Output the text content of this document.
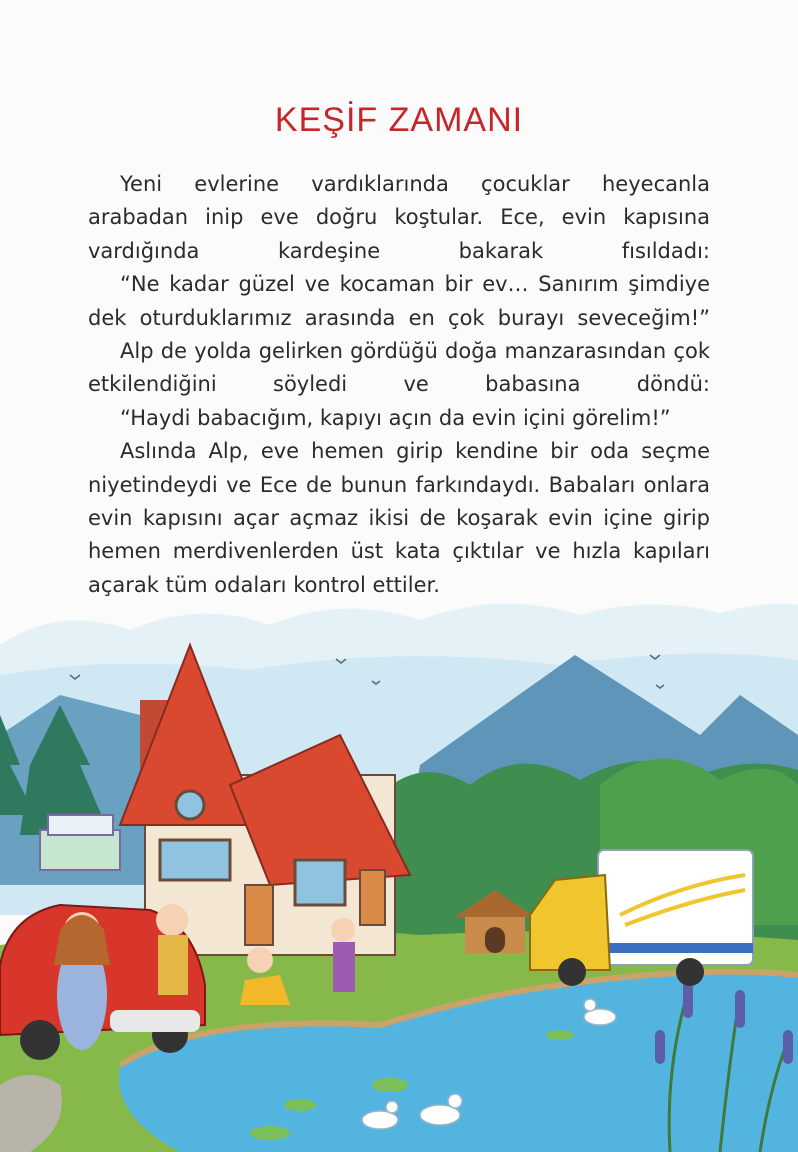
KEŞİF ZAMANI

Yeni evlerine vardıklarında çocuklar heyecanla arabadan inip eve doğru koştular. Ece, evin kapısına vardığında kardeşine bakarak fısıldadı:

“Ne kadar güzel ve kocaman bir ev… Sanırım şimdiye dek oturduklarımız arasında en çok burayı seveceğim!”

Alp de yolda gelirken gördüğü doğa manzarasından çok etkilendiğini söyledi ve babasına döndü:

“Haydi babacığım, kapıyı açın da evin içini görelim!”

Aslında Alp, eve hemen girip kendine bir oda seçme niyetindeydi ve Ece de bunun farkındaydı. Babaları onlara evin kapısını açar açmaz ikisi de koşarak evin içine girip hemen merdivenlerden üst kata çıktılar ve hızla kapıları açarak tüm odaları kontrol ettiler.
